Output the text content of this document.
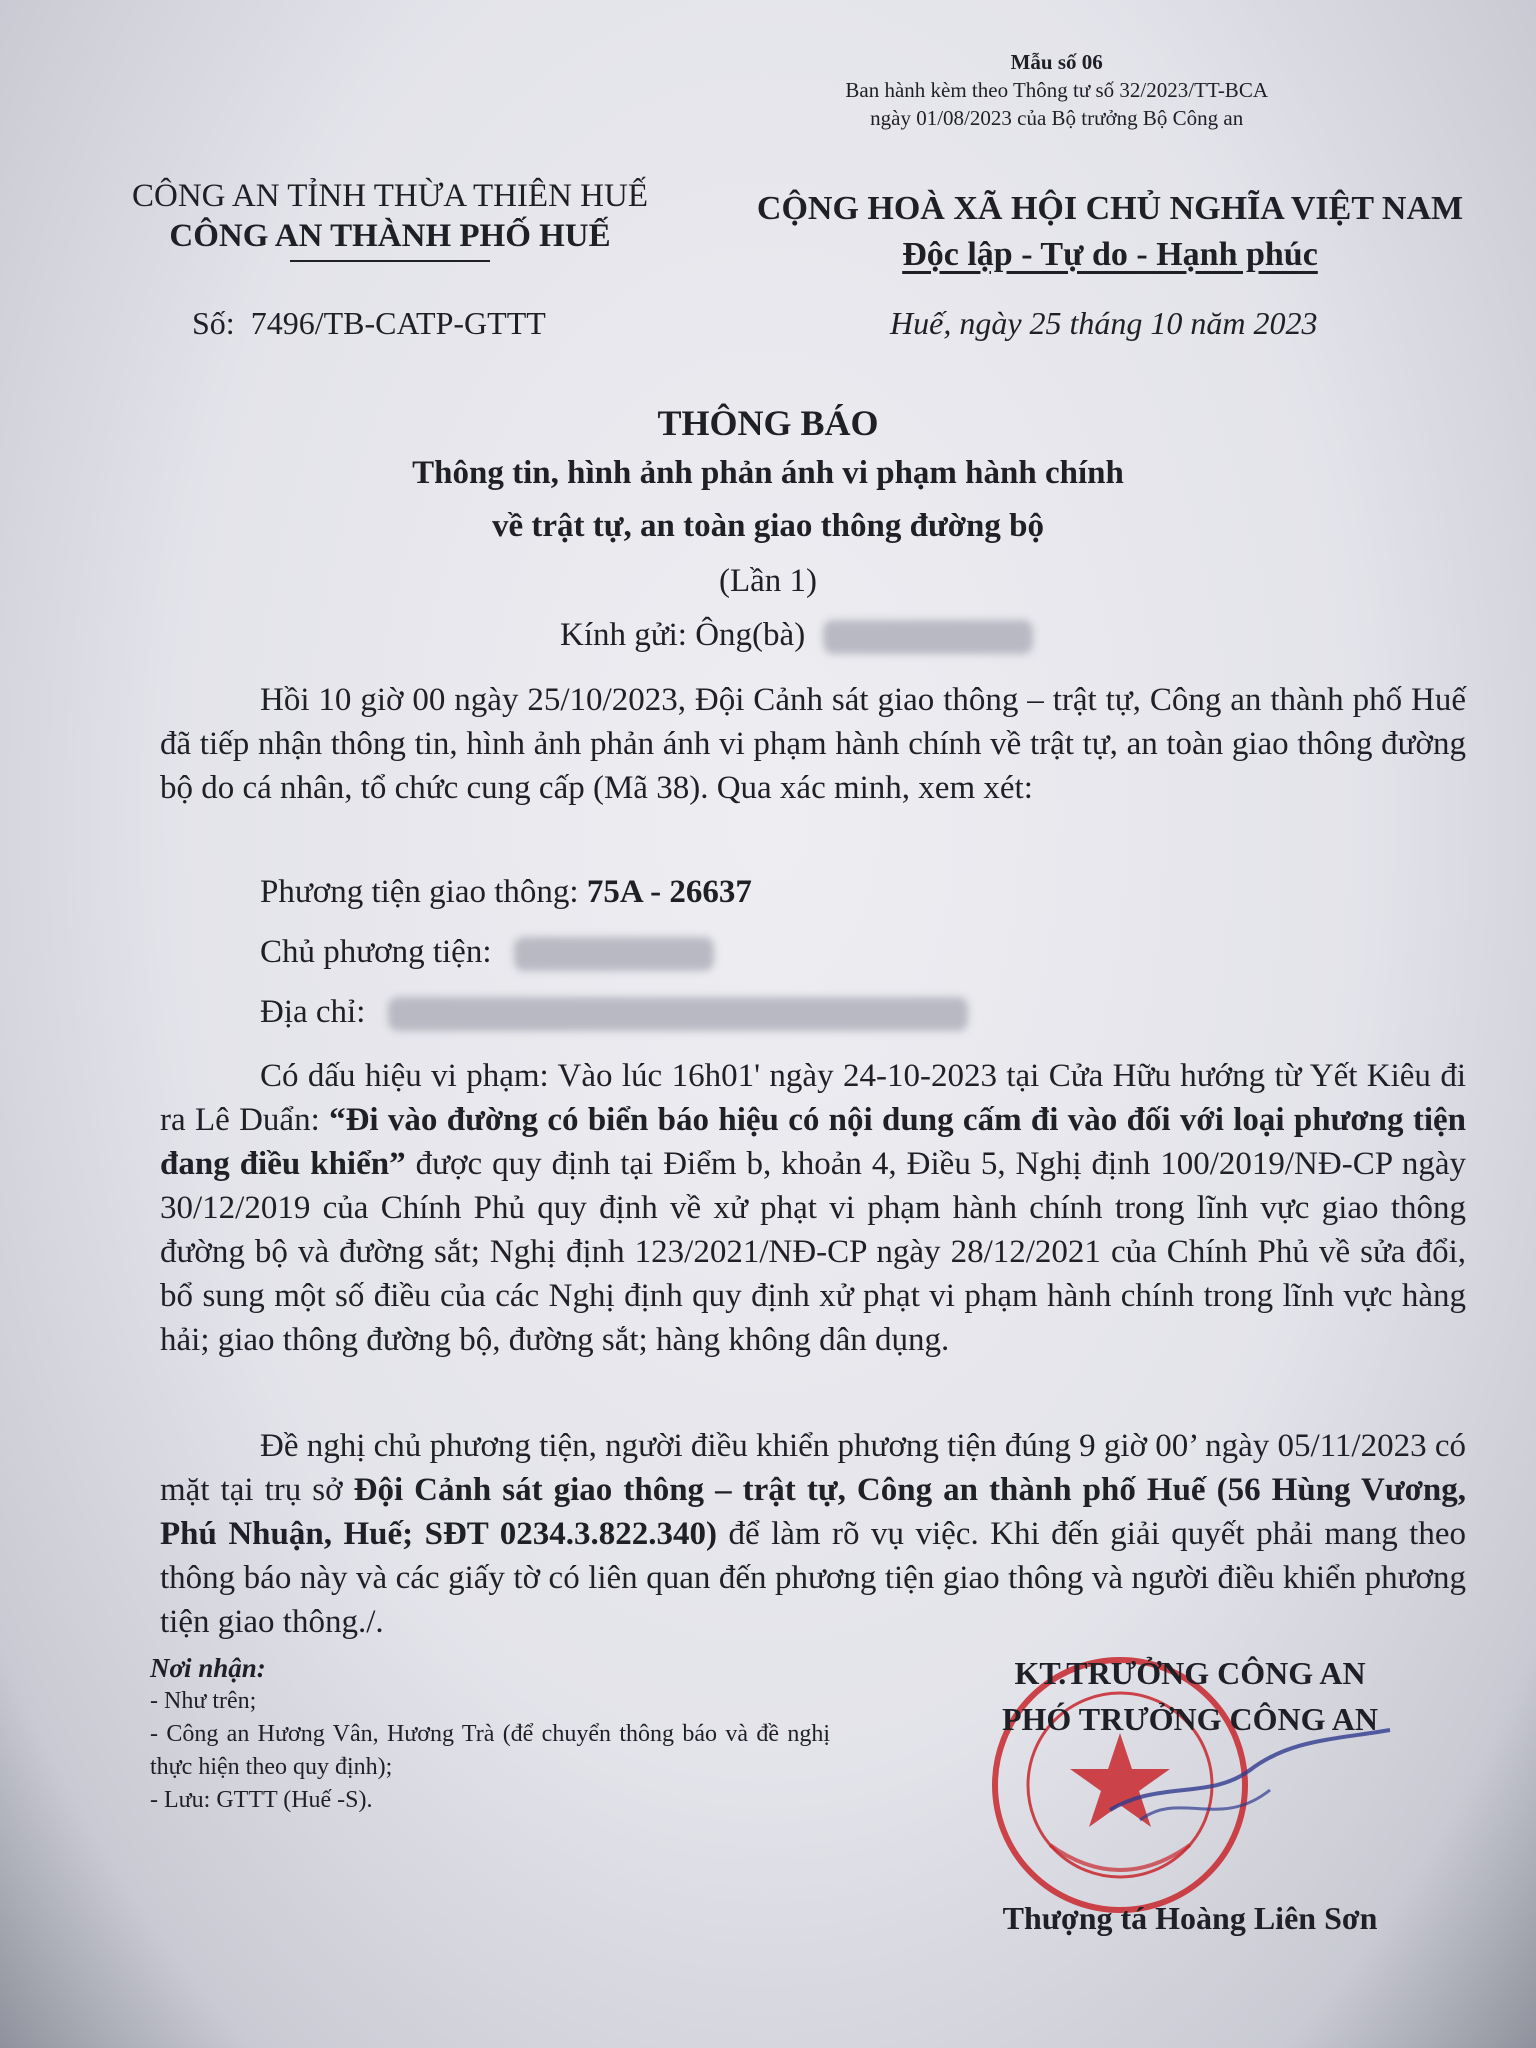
Mẫu số 06
Ban hành kèm theo Thông tư số 32/2023/TT-BCA
ngày 01/08/2023 của Bộ trưởng Bộ Công an
CÔNG AN TỈNH THỪA THIÊN HUẾ
CÔNG AN THÀNH PHỐ HUẾ
CỘNG HOÀ XÃ HỘI CHỦ NGHĨA VIỆT NAM
Độc lập - Tự do - Hạnh phúc
Số:  7496/TB-CATP-GTTT	Huế, ngày 25 tháng 10 năm 2023
THÔNG BÁO
Thông tin, hình ảnh phản ánh vi phạm hành chính
về trật tự, an toàn giao thông đường bộ
(Lần 1)
Kính gửi: Ông(bà)
Hồi 10 giờ 00 ngày 25/10/2023, Đội Cảnh sát giao thông – trật tự, Công an thành phố Huế đã tiếp nhận thông tin, hình ảnh phản ánh vi phạm hành chính về trật tự, an toàn giao thông đường bộ do cá nhân, tổ chức cung cấp (Mã 38). Qua xác minh, xem xét:
Phương tiện giao thông: 75A - 26637
Chủ phương tiện:
Địa chỉ:
Có dấu hiệu vi phạm: Vào lúc 16h01' ngày 24-10-2023 tại Cửa Hữu hướng từ Yết Kiêu đi ra Lê Duẩn: “Đi vào đường có biển báo hiệu có nội dung cấm đi vào đối với loại phương tiện đang điều khiển” được quy định tại Điểm b, khoản 4, Điều 5, Nghị định 100/2019/NĐ-CP ngày 30/12/2019 của Chính Phủ quy định về xử phạt vi phạm hành chính trong lĩnh vực giao thông đường bộ và đường sắt; Nghị định 123/2021/NĐ-CP ngày 28/12/2021 của Chính Phủ về sửa đổi, bổ sung một số điều của các Nghị định quy định xử phạt vi phạm hành chính trong lĩnh vực hàng hải; giao thông đường bộ, đường sắt; hàng không dân dụng.
Đề nghị chủ phương tiện, người điều khiển phương tiện đúng 9 giờ 00’ ngày 05/11/2023 có mặt tại trụ sở Đội Cảnh sát giao thông – trật tự, Công an thành phố Huế (56 Hùng Vương, Phú Nhuận, Huế; SĐT 0234.3.822.340) để làm rõ vụ việc. Khi đến giải quyết phải mang theo thông báo này và các giấy tờ có liên quan đến phương tiện giao thông và người điều khiển phương tiện giao thông./.
Nơi nhận:
- Như trên;
- Công an Hương Vân, Hương Trà (để chuyển thông báo và đề nghị thực hiện theo quy định);
- Lưu: GTTT (Huế -S).
KT.TRƯỞNG CÔNG AN
PHÓ TRƯỞNG CÔNG AN
Thượng tá Hoàng Liên Sơn
